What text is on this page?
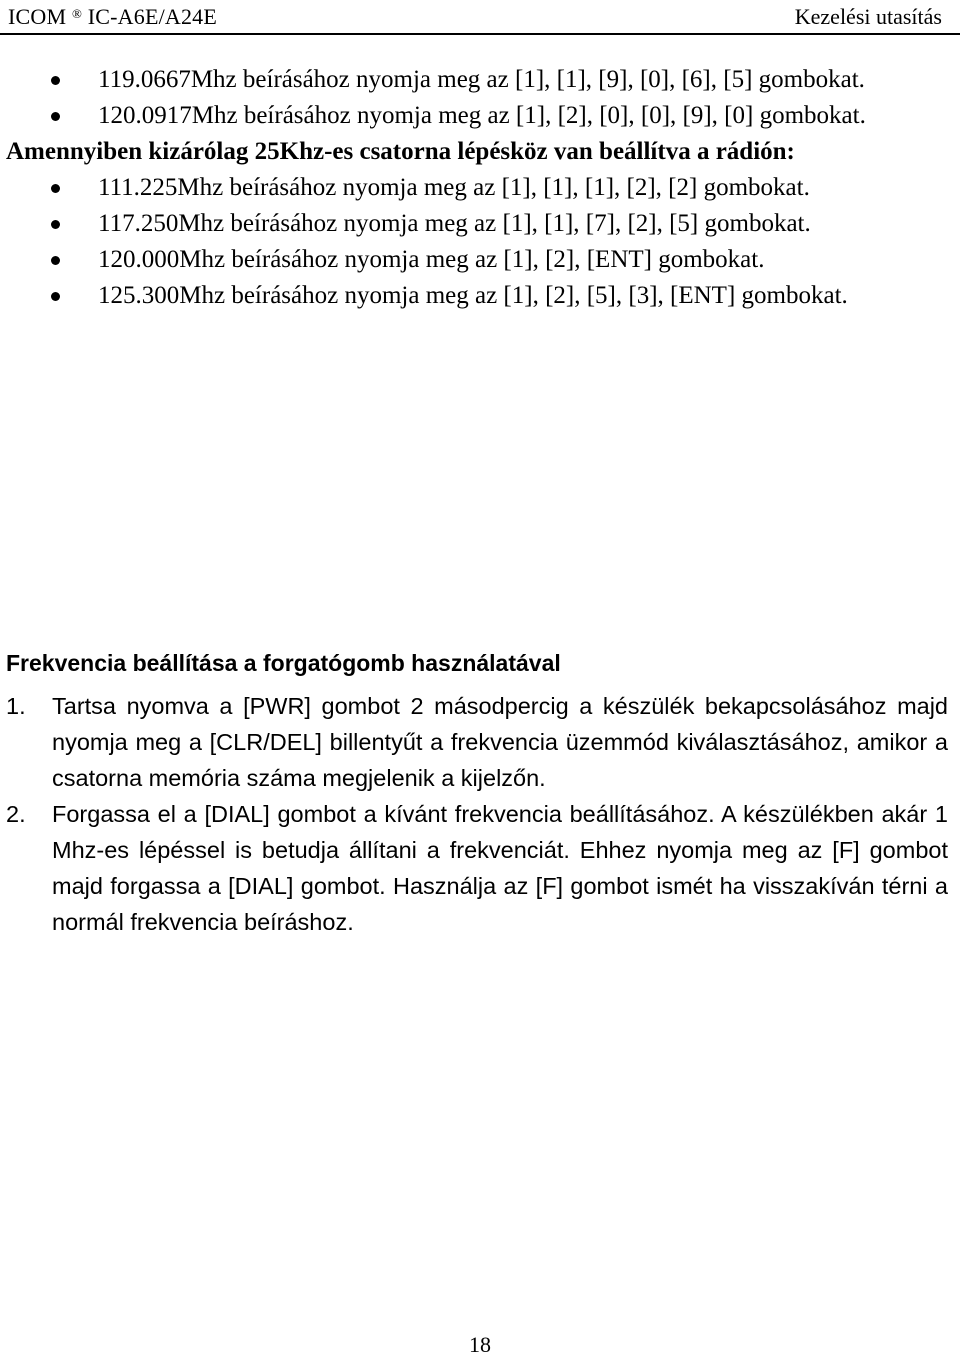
ICOM ® IC-A6E/A24E	Kezelési utasítás
119.0667Mhz beírásához nyomja meg az [1], [1], [9], [0], [6], [5] gombokat.
120.0917Mhz beírásához nyomja meg az [1], [2], [0], [0], [9], [0] gombokat.

Amennyiben kizárólag 25Khz-es csatorna lépésköz van beállítva a rádión:

111.225Mhz beírásához nyomja meg az [1], [1], [1], [2], [2] gombokat.
117.250Mhz beírásához nyomja meg az [1], [1], [7], [2], [5] gombokat.
120.000Mhz beírásához nyomja meg az [1], [2], [ENT] gombokat.
125.300Mhz beírásához nyomja meg az [1], [2], [5], [3], [ENT] gombokat.
Frekvencia beállítása a forgatógomb használatával
1. Tartsa nyomva a [PWR] gombot 2 másodpercig a készülék bekapcsolásához majd nyomja meg a [CLR/DEL] billentyűt a frekvencia üzemmód kiválasztásához, amikor a csatorna memória száma megjelenik a kijelzőn.
2. Forgassa el a [DIAL] gombot a kívánt frekvencia beállításához. A készülékben akár 1 Mhz-es lépéssel is betudja állítani a frekvenciát. Ehhez nyomja meg az [F] gombot majd forgassa a [DIAL] gombot. Használja az [F] gombot ismét ha visszakíván térni a normál frekvencia beíráshoz.
18
